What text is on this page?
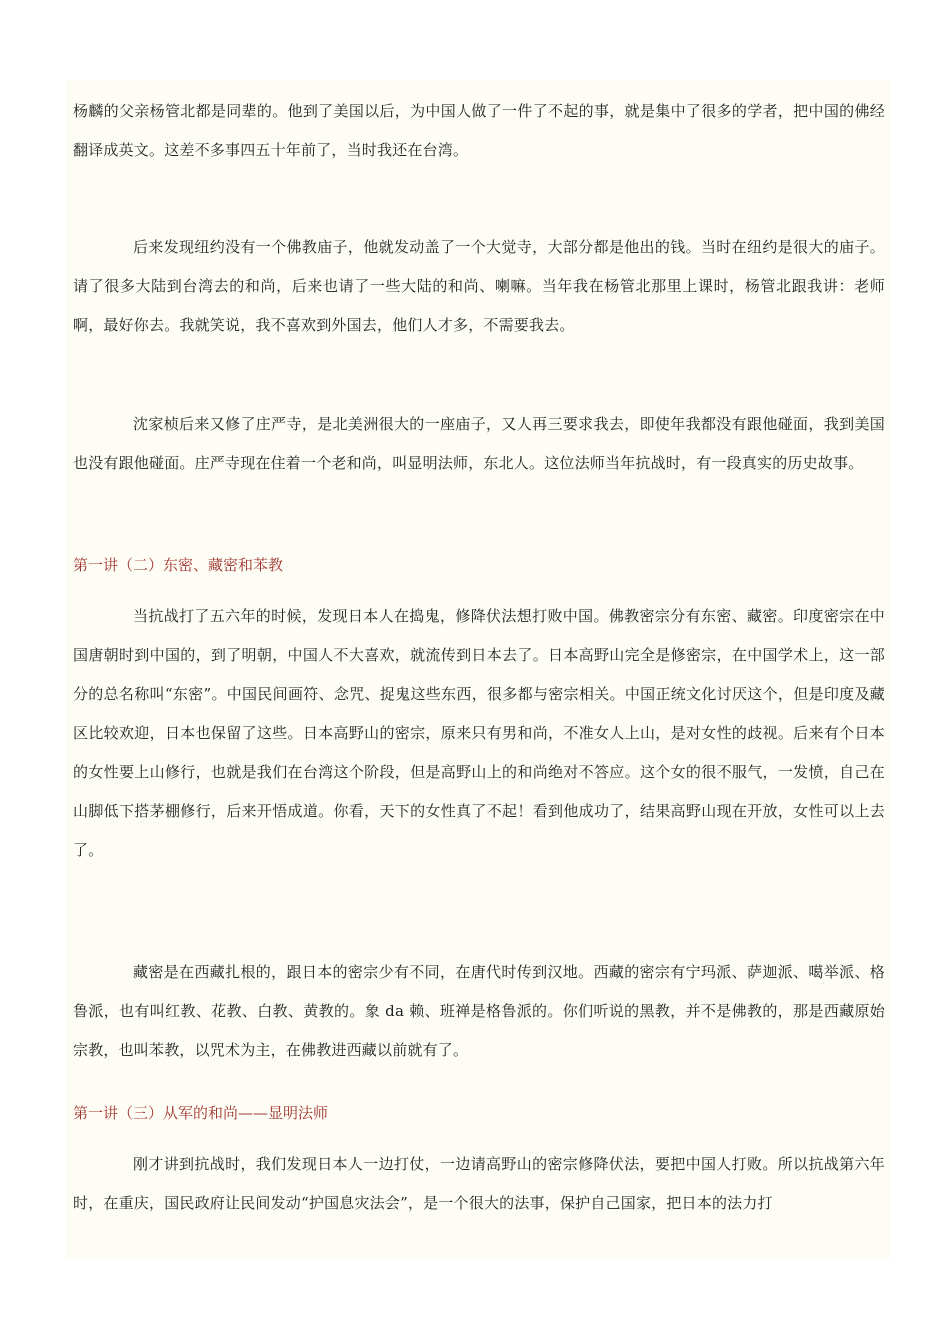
杨麟的父亲杨管北都是同辈的。他到了美国以后，为中国人做了一件了不起的事，就是集中了很多的学者，把中国的佛经翻译成英文。这差不多事四五十年前了，当时我还在台湾。

后来发现纽约没有一个佛教庙子，他就发动盖了一个大觉寺，大部分都是他出的钱。当时在纽约是很大的庙子。请了很多大陆到台湾去的和尚，后来也请了一些大陆的和尚、喇嘛。当年我在杨管北那里上课时，杨管北跟我讲：老师啊，最好你去。我就笑说，我不喜欢到外国去，他们人才多，不需要我去。

沈家桢后来又修了庄严寺，是北美洲很大的一座庙子，又人再三要求我去，即使年我都没有跟他碰面，我到美国也没有跟他碰面。庄严寺现在住着一个老和尚，叫显明法师，东北人。这位法师当年抗战时，有一段真实的历史故事。

第一讲（二）东密、藏密和苯教

当抗战打了五六年的时候，发现日本人在捣鬼，修降伏法想打败中国。佛教密宗分有东密、藏密。印度密宗在中国唐朝时到中国的，到了明朝，中国人不大喜欢，就流传到日本去了。日本高野山完全是修密宗，在中国学术上，这一部分的总名称叫“东密”。中国民间画符、念咒、捉鬼这些东西，很多都与密宗相关。中国正统文化讨厌这个，但是印度及藏区比较欢迎，日本也保留了这些。日本高野山的密宗，原来只有男和尚，不准女人上山，是对女性的歧视。后来有个日本的女性要上山修行，也就是我们在台湾这个阶段，但是高野山上的和尚绝对不答应。这个女的很不服气，一发愤，自己在山脚低下搭茅棚修行，后来开悟成道。你看，天下的女性真了不起！看到他成功了，结果高野山现在开放，女性可以上去了。

藏密是在西藏扎根的，跟日本的密宗少有不同，在唐代时传到汉地。西藏的密宗有宁玛派、萨迦派、噶举派、格鲁派，也有叫红教、花教、白教、黄教的。象 da 赖、班禅是格鲁派的。你们听说的黑教，并不是佛教的，那是西藏原始宗教，也叫苯教，以咒术为主，在佛教进西藏以前就有了。

第一讲（三）从军的和尚——显明法师

刚才讲到抗战时，我们发现日本人一边打仗，一边请高野山的密宗修降伏法，要把中国人打败。所以抗战第六年时，在重庆，国民政府让民间发动“护国息灾法会”，是一个很大的法事，保护自己国家，把日本的法力打
